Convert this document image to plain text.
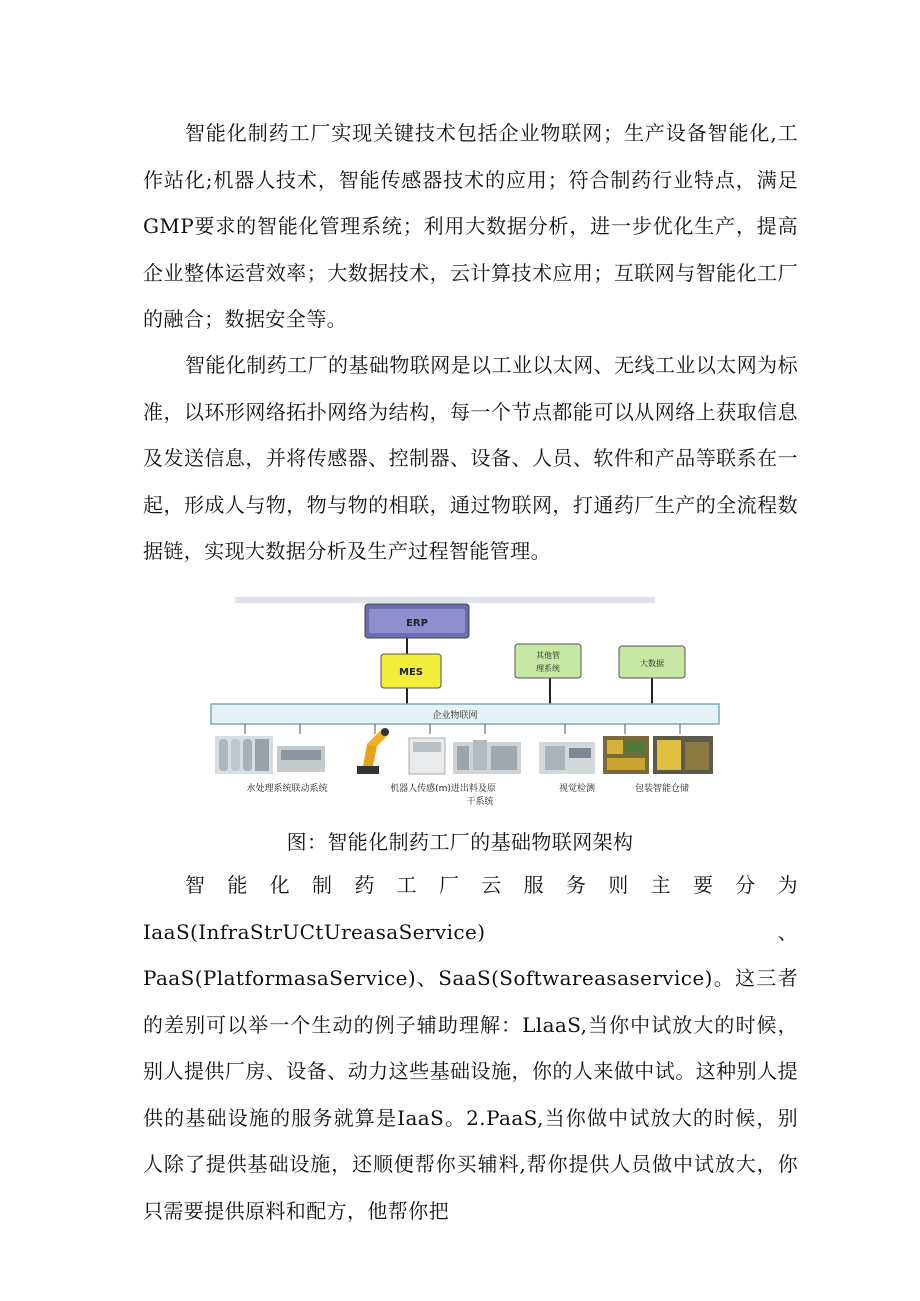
智能化制药工厂实现关键技术包括企业物联网；生产设备智能化,工作站化;机器人技术，智能传感器技术的应用；符合制药行业特点，满足GMP要求的智能化管理系统；利用大数据分析，进一步优化生产，提高企业整体运营效率；大数据技术，云计算技术应用；互联网与智能化工厂的融合；数据安全等。

智能化制药工厂的基础物联网是以工业以太网、无线工业以太网为标准，以环形网络拓扑网络为结构，每一个节点都能可以从网络上获取信息及发送信息，并将传感器、控制器、设备、人员、软件和产品等联系在一起，形成人与物，物与物的相联，通过物联网，打通药厂生产的全流程数据链，实现大数据分析及生产过程智能管理。

ERP
MES
其他管
理系统
大数据
企业物联网
水处理系统联动系统	机器人传感(m)进出料及原
干系统
视觉检测	包装智能仓储
图：智能化制药工厂的基础物联网架构

智能化制药工厂云服务则主要分为IaaS(InfraStrUCtUreasaService)、PaaS(PlatformasaService)、SaaS(Softwareasaservice)。这三者的差别可以举一个生动的例子辅助理解：LlaaS,当你中试放大的时候，别人提供厂房、设备、动力这些基础设施，你的人来做中试。这种别人提供的基础设施的服务就算是IaaS。2.PaaS,当你做中试放大的时候，别人除了提供基础设施，还顺便帮你买辅料,帮你提供人员做中试放大，你只需要提供原料和配方，他帮你把
